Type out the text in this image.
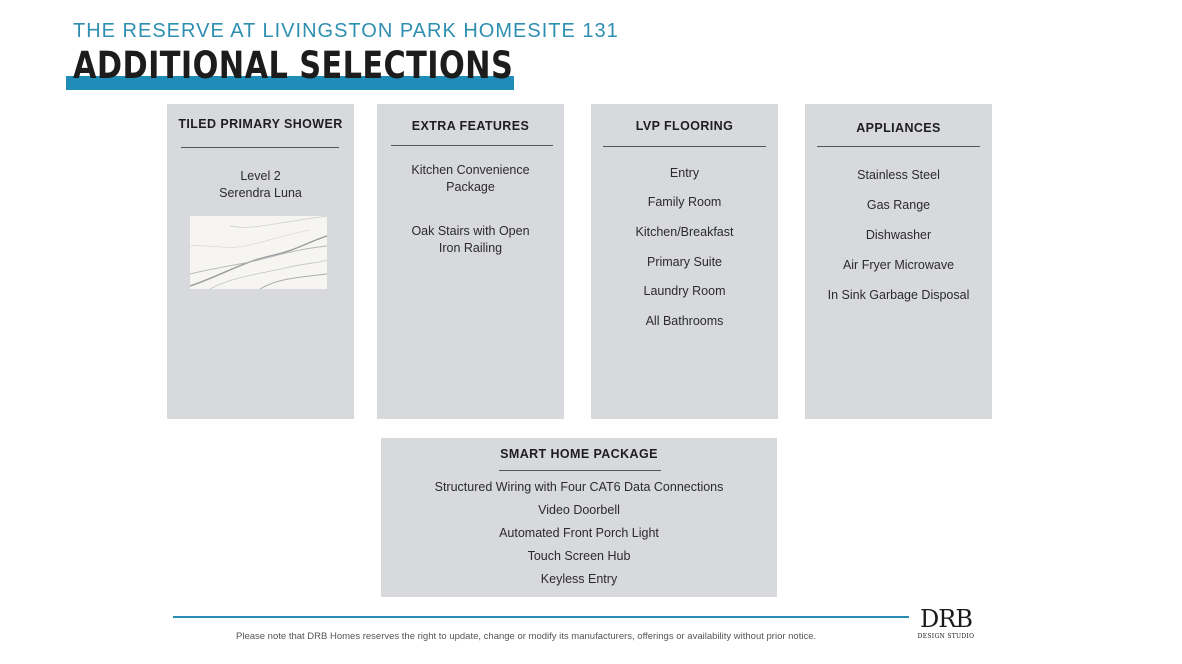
THE RESERVE AT LIVINGSTON PARK HOMESITE 131
ADDITIONAL SELECTIONS
TILED PRIMARY SHOWER
Level 2
Serendra Luna
EXTRA FEATURES
Kitchen Convenience
Package
Oak Stairs with Open
Iron Railing
LVP FLOORING
Entry
Family Room
Kitchen/Breakfast
Primary Suite
Laundry Room
All Bathrooms
APPLIANCES
Stainless Steel
Gas Range
Dishwasher
Air Fryer Microwave
In Sink Garbage Disposal
SMART HOME PACKAGE
Structured Wiring with Four CAT6 Data Connections
Video Doorbell
Automated Front Porch Light
Touch Screen Hub
Keyless Entry
Please note that DRB Homes reserves the right to update, change or modify its manufacturers, offerings or availability without prior notice.
DRB
DESIGN STUDIO
